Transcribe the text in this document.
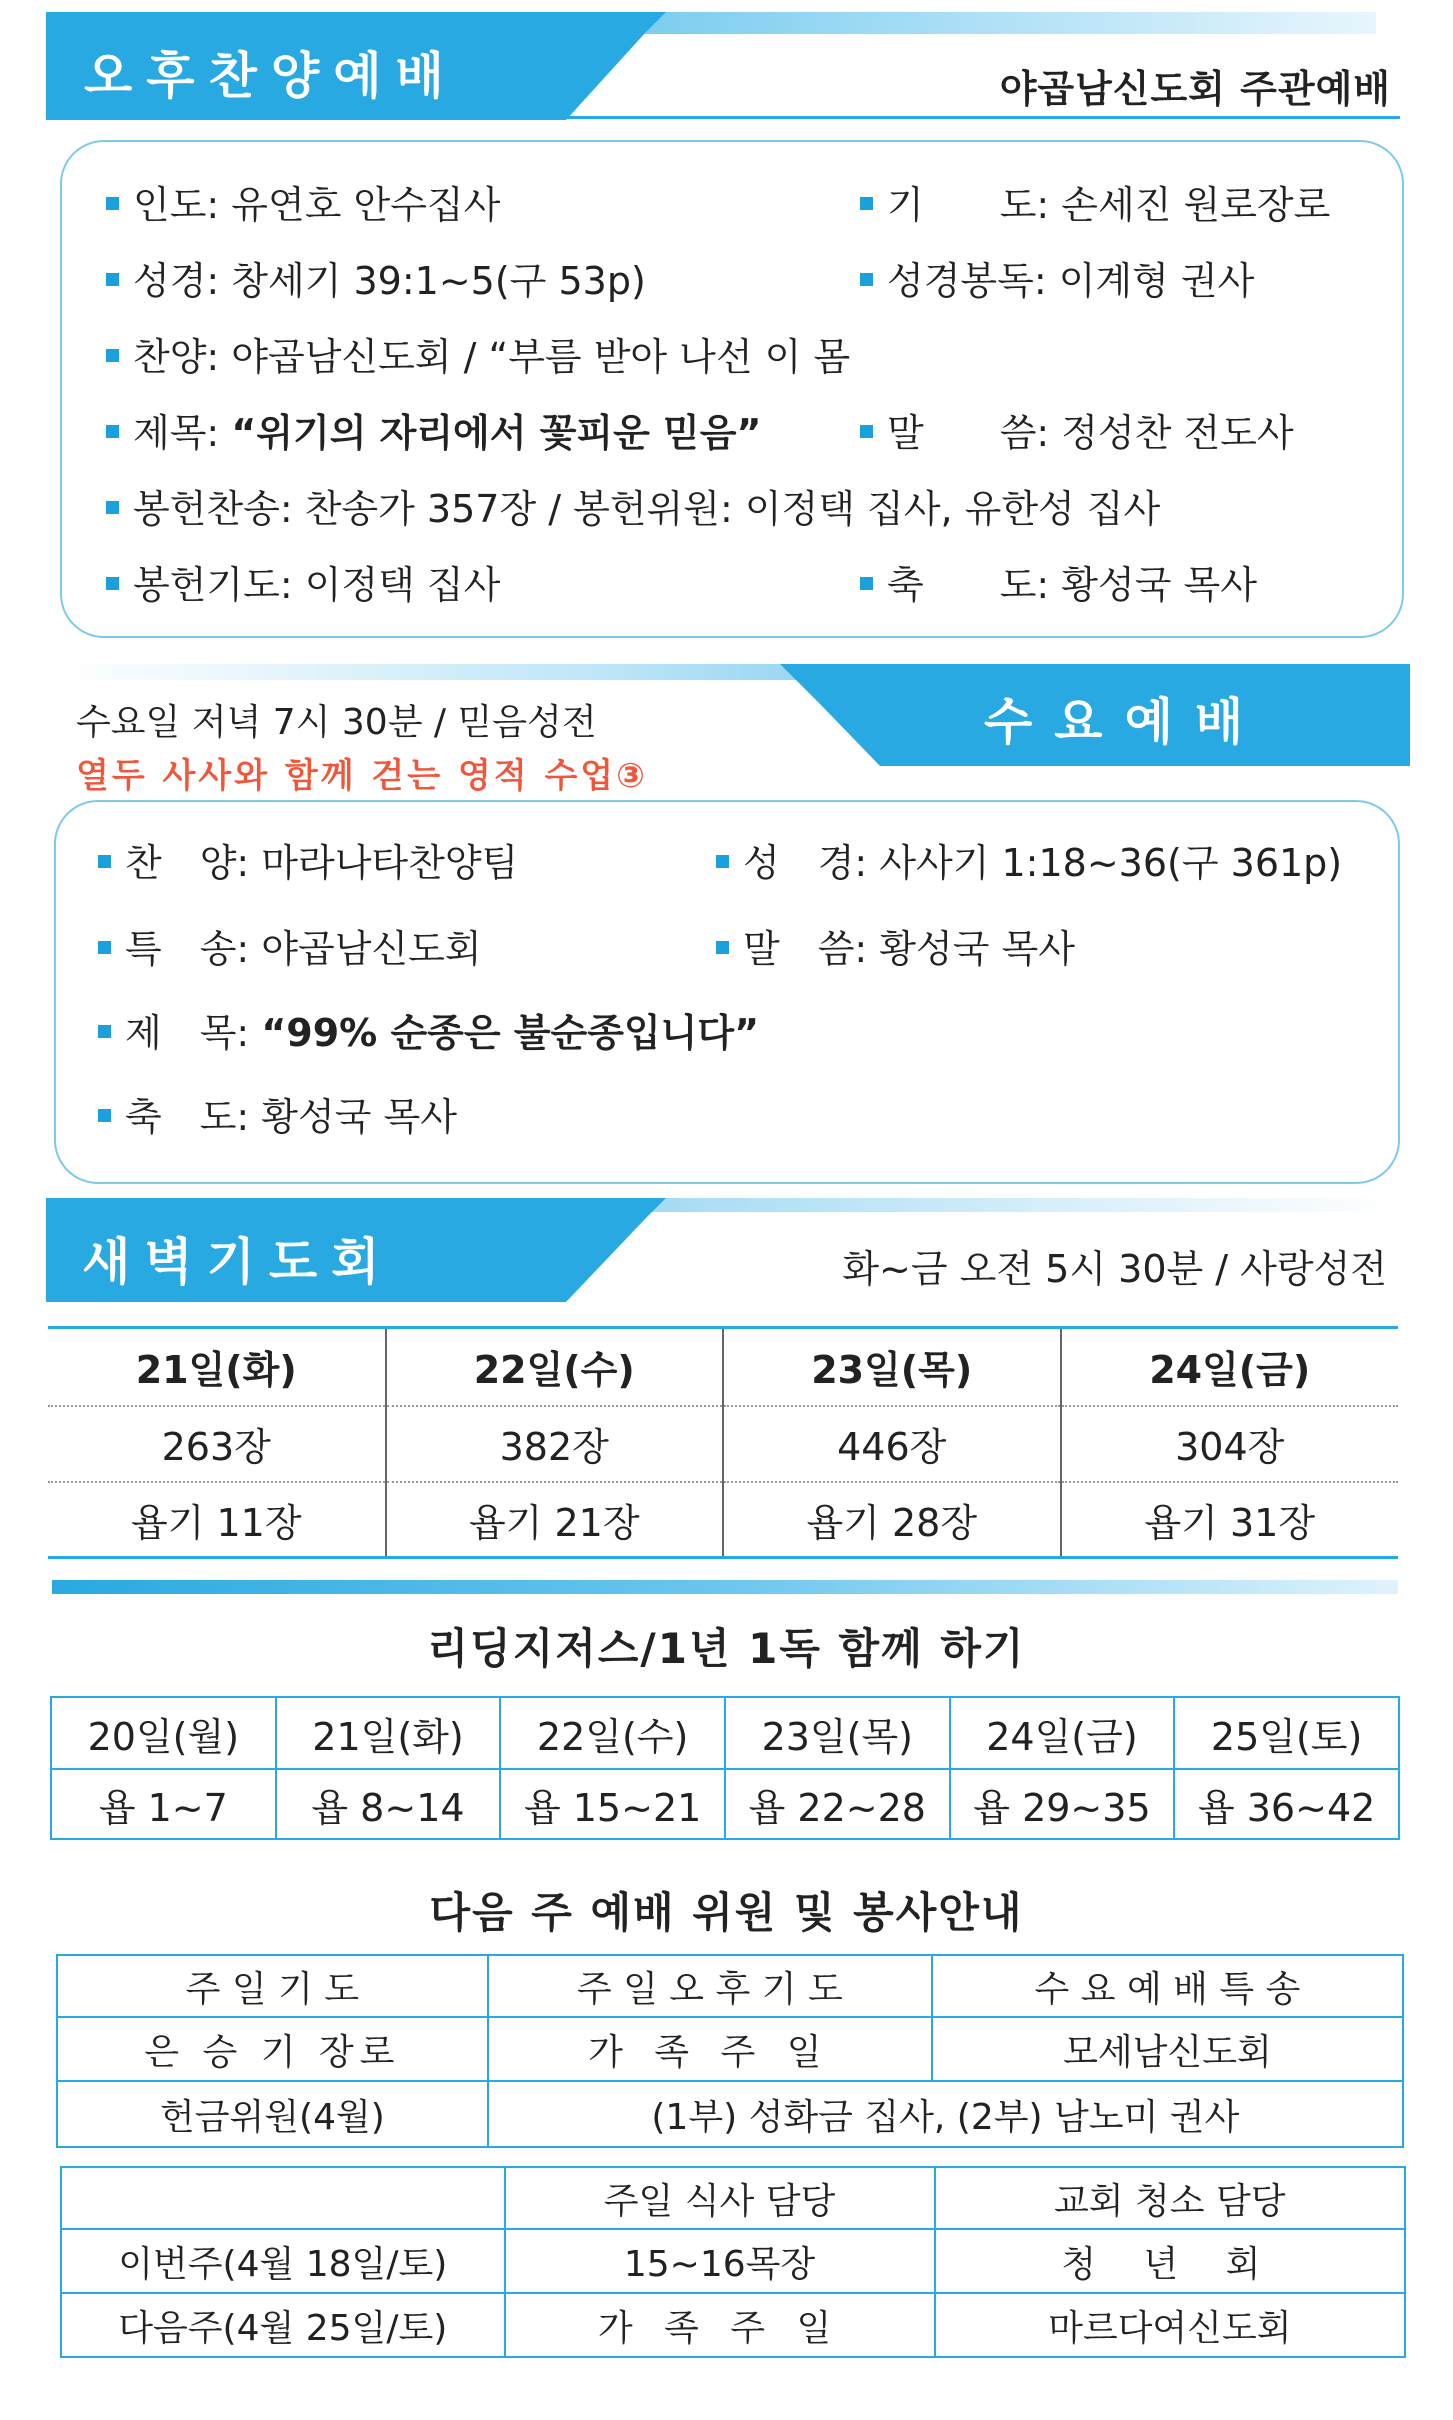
오후찬양예배	야곱남신도회 주관예배
인도: 유연호 안수집사	기　　도: 손세진 원로장로
성경: 창세기 39:1~5(구 53p)	성경봉독: 이계형 권사
찬양: 야곱남신도회 / “부름 받아 나선 이 몸
제목: “위기의 자리에서 꽃피운 믿음”	말　　씀: 정성찬 전도사
봉헌찬송: 찬송가 357장 / 봉헌위원: 이정택 집사, 유한성 집사
봉헌기도: 이정택 집사	축　　도: 황성국 목사
수요예배
수요일 저녁 7시 30분 / 믿음성전
열두 사사와 함께 걷는 영적 수업③
찬　양: 마라나타찬양팀	성　경: 사사기 1:18~36(구 361p)
특　송: 야곱남신도회	말　씀: 황성국 목사
제　목: “99% 순종은 불순종입니다”
축　도: 황성국 목사
새벽기도회	화~금 오전 5시 30분 / 사랑성전
21일(화)	22일(수)	23일(목)	24일(금)
263장	382장	446장	304장
욥기 11장	욥기 21장	욥기 28장	욥기 31장
리딩지저스/1년 1독 함께 하기
20일(월)	21일(화)	22일(수)	23일(목)	24일(금)	25일(토)
욥 1~7	욥 8~14	욥 15~21	욥 22~28	욥 29~35	욥 36~42
다음 주 예배 위원 및 봉사안내
주 일 기 도	주 일 오 후 기 도	수 요 예 배 특 송
은 승 기 장로	가 족 주 일	모세남신도회
헌금위원(4월)	(1부) 성화금 집사, (2부) 남노미 권사	
	주일 식사 담당	교회 청소 담당
이번주(4월 18일/토)	15~16목장	청 년 회
다음주(4월 25일/토)	가 족 주 일	마르다여신도회
